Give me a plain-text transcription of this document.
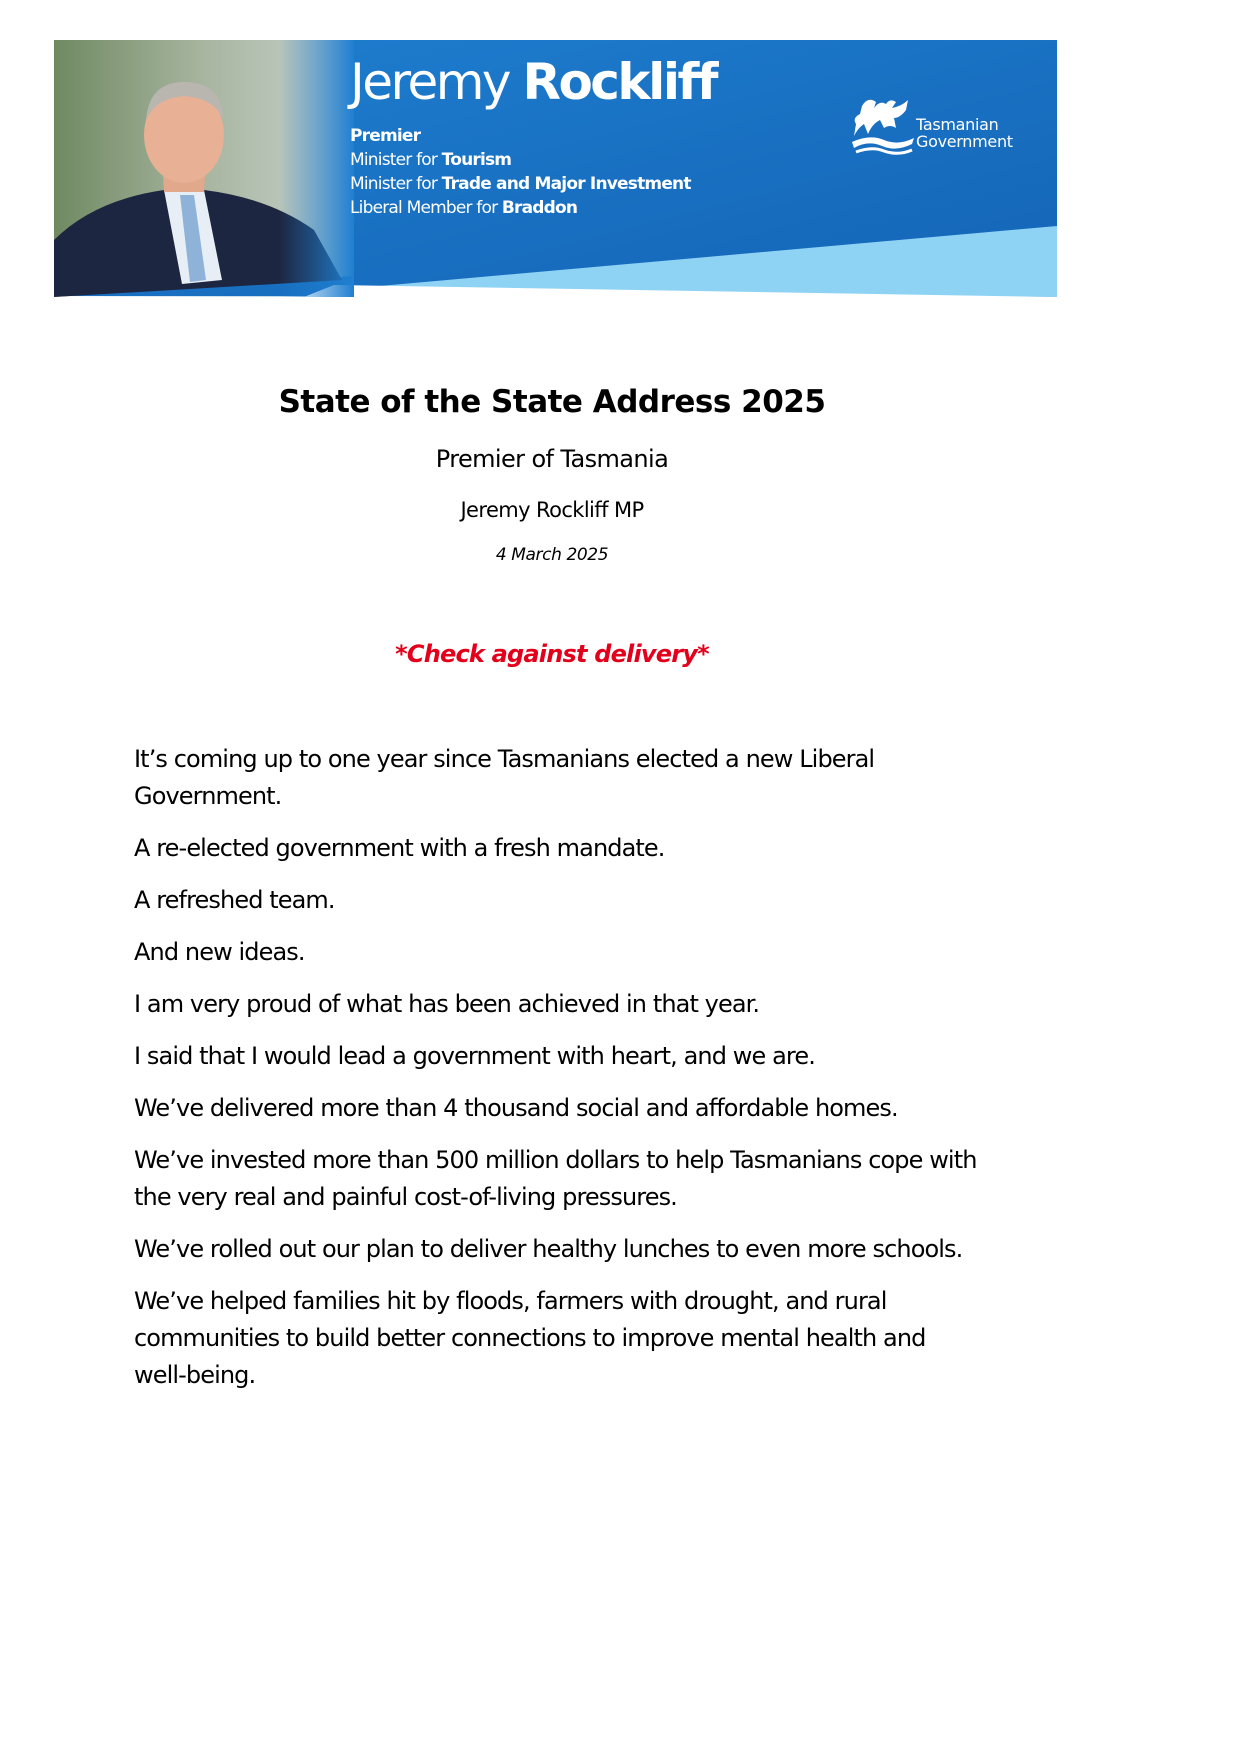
Jeremy Rockliff
Premier
Minister for Tourism
Minister for Trade and Major Investment
Liberal Member for Braddon
Tasmanian
Government
State of the State Address 2025
Premier of Tasmania
Jeremy Rockliff MP
4 March 2025
*Check against delivery*

It’s coming up to one year since Tasmanians elected a new Liberal Government.

A re-elected government with a fresh mandate.

A refreshed team.

And new ideas.

I am very proud of what has been achieved in that year.

I said that I would lead a government with heart, and we are.

We’ve delivered more than 4 thousand social and affordable homes.

We’ve invested more than 500 million dollars to help Tasmanians cope with the very real and painful cost-of-living pressures.

We’ve rolled out our plan to deliver healthy lunches to even more schools.

We’ve helped families hit by floods, farmers with drought, and rural communities to build better connections to improve mental health and well-being.
